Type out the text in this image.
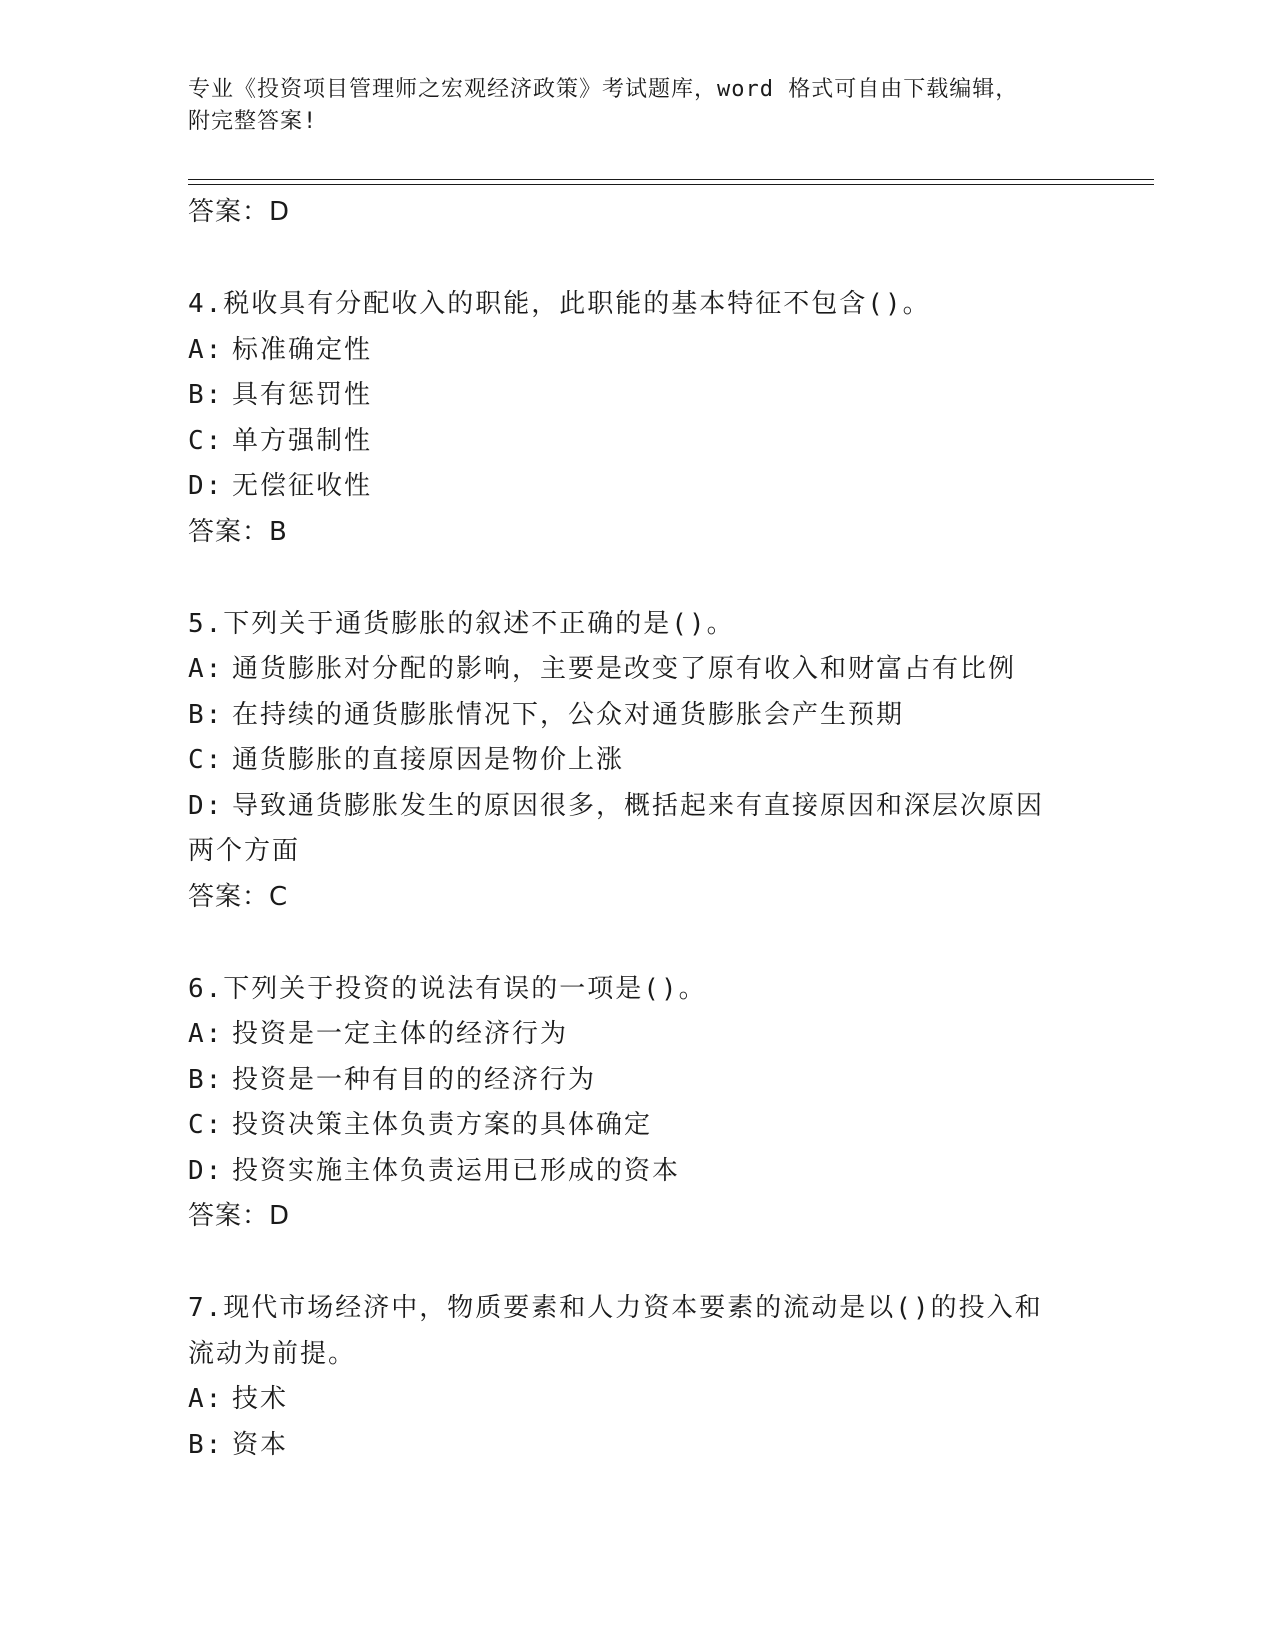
专业《投资项目管理师之宏观经济政策》考试题库，word 格式可自由下载编辑，
附完整答案!
答案：D
4.税收具有分配收入的职能，此职能的基本特征不包含()。
A: 标准确定性
B: 具有惩罚性
C: 单方强制性
D: 无偿征收性
答案：B
5.下列关于通货膨胀的叙述不正确的是()。
A: 通货膨胀对分配的影响，主要是改变了原有收入和财富占有比例
B: 在持续的通货膨胀情况下，公众对通货膨胀会产生预期
C: 通货膨胀的直接原因是物价上涨
D: 导致通货膨胀发生的原因很多，概括起来有直接原因和深层次原因
两个方面
答案：C
6.下列关于投资的说法有误的一项是()。
A: 投资是一定主体的经济行为
B: 投资是一种有目的的经济行为
C: 投资决策主体负责方案的具体确定
D: 投资实施主体负责运用已形成的资本
答案：D
7.现代市场经济中，物质要素和人力资本要素的流动是以()的投入和
流动为前提。
A: 技术
B: 资本
